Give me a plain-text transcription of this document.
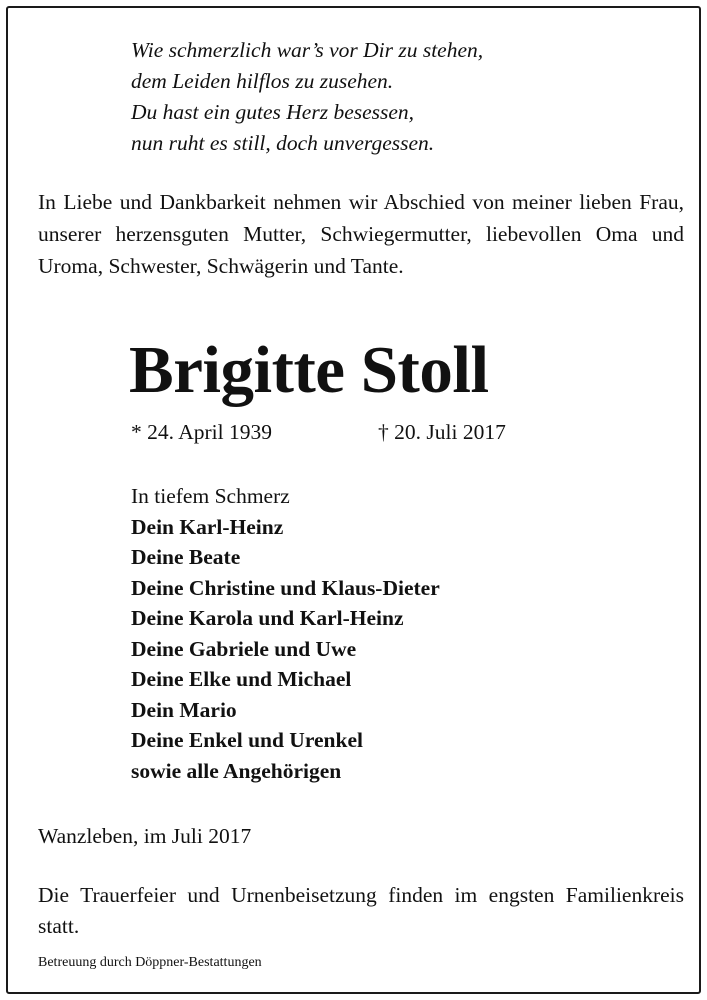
Wie schmerzlich war’s vor Dir zu stehen,
dem Leiden hilflos zu zusehen.
Du hast ein gutes Herz besessen,
nun ruht es still, doch unvergessen.
In Liebe und Dankbarkeit nehmen wir Abschied von meiner lieben Frau, unserer herzensguten Mutter, Schwiegermutter, liebevollen Oma und Uroma, Schwester, Schwägerin und Tante.
Brigitte Stoll
* 24. April 1939	† 20. Juli 2017
In tiefem Schmerz
Dein Karl-Heinz
Deine Beate
Deine Christine und Klaus-Dieter
Deine Karola und Karl-Heinz
Deine Gabriele und Uwe
Deine Elke und Michael
Dein Mario
Deine Enkel und Urenkel
sowie alle Angehörigen
Wanzleben, im Juli 2017
Die Trauerfeier und Urnenbeisetzung finden im engsten Familienkreis statt.
Betreuung durch Döppner-Bestattungen
